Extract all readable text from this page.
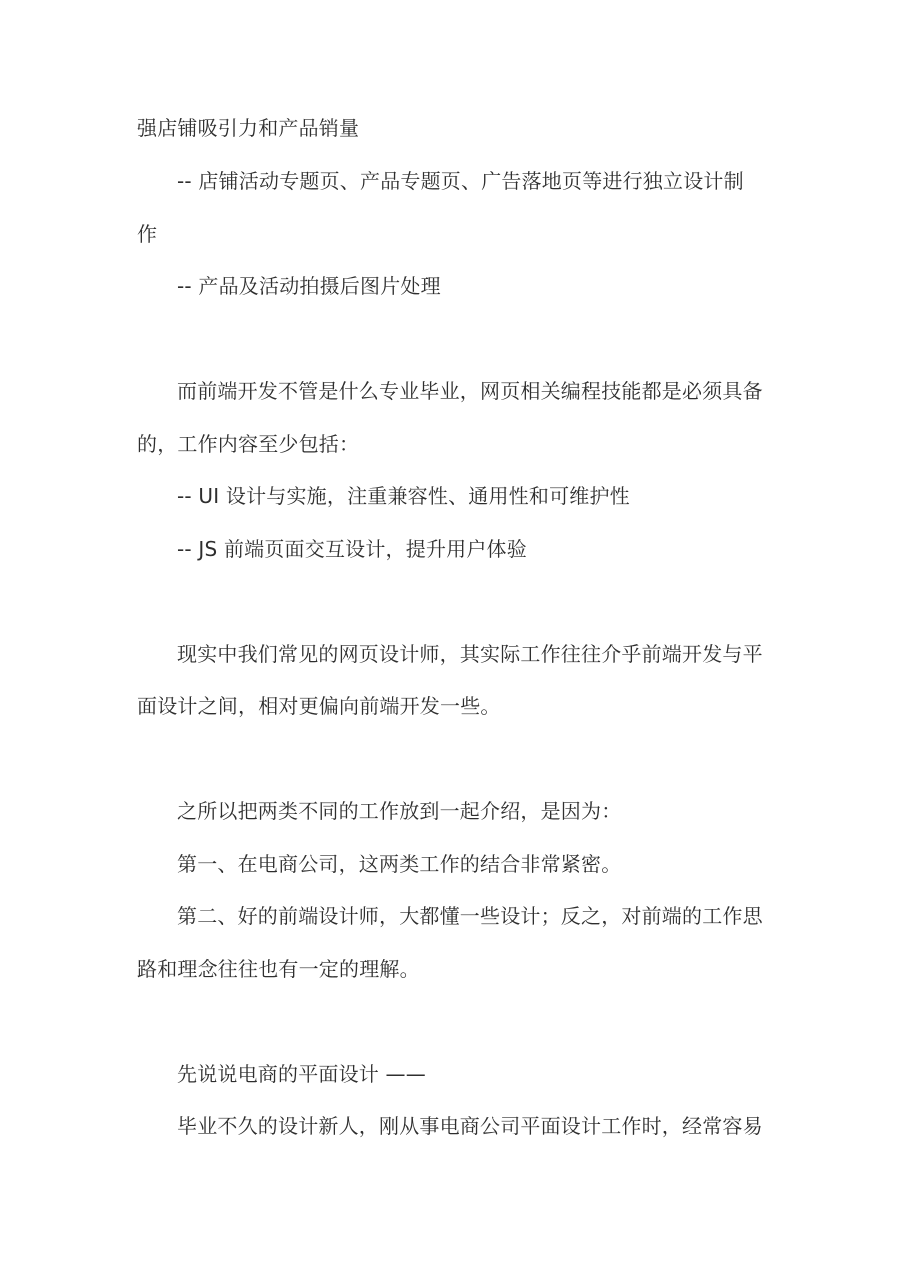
强店铺吸引力和产品销量
-- 店铺活动专题页、产品专题页、广告落地页等进行独立设计制
作
-- 产品及活动拍摄后图片处理
而前端开发不管是什么专业毕业，网页相关编程技能都是必须具备
的，工作内容至少包括：
-- UI 设计与实施，注重兼容性、通用性和可维护性
-- JS 前端页面交互设计，提升用户体验
现实中我们常见的网页设计师，其实际工作往往介乎前端开发与平
面设计之间，相对更偏向前端开发一些。
之所以把两类不同的工作放到一起介绍，是因为：
第一、在电商公司，这两类工作的结合非常紧密。
第二、好的前端设计师，大都懂一些设计；反之，对前端的工作思
路和理念往往也有一定的理解。
先说说电商的平面设计 ——
毕业不久的设计新人，刚从事电商公司平面设计工作时，经常容易
